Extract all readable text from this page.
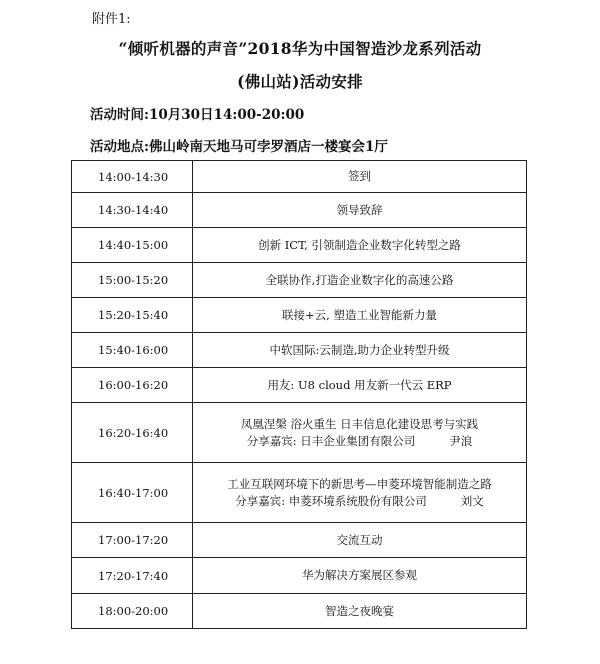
附件1:
“倾听机器的声音”2018华为中国智造沙龙系列活动
(佛山站)活动安排
活动时间:10月30日14:00-20:00
活动地点:佛山岭南天地马可孛罗酒店一楼宴会1厅
14:00-14:30	签到
14:30-14:40	领导致辞
14:40-15:00	创新 ICT, 引领制造企业数字化转型之路
15:00-15:20	全联协作,打造企业数字化的高速公路
15:20-15:40	联接+云, 塑造工业智能新力量
15:40-16:00	中软国际:云制造,助力企业转型升级
16:00-16:20	用友: U8 cloud 用友新一代云 ERP
16:20-16:40	凤凰涅槃 浴火重生 日丰信息化建设思考与实践
分享嘉宾: 日丰企业集团有限公司 尹浪

16:40-17:00	工业互联网环境下的新思考—申菱环境智能制造之路
分享嘉宾: 申菱环境系统股份有限公司 刘文

17:00-17:20	交流互动
17:20-17:40	华为解决方案展区参观
18:00-20:00	智造之夜晚宴
